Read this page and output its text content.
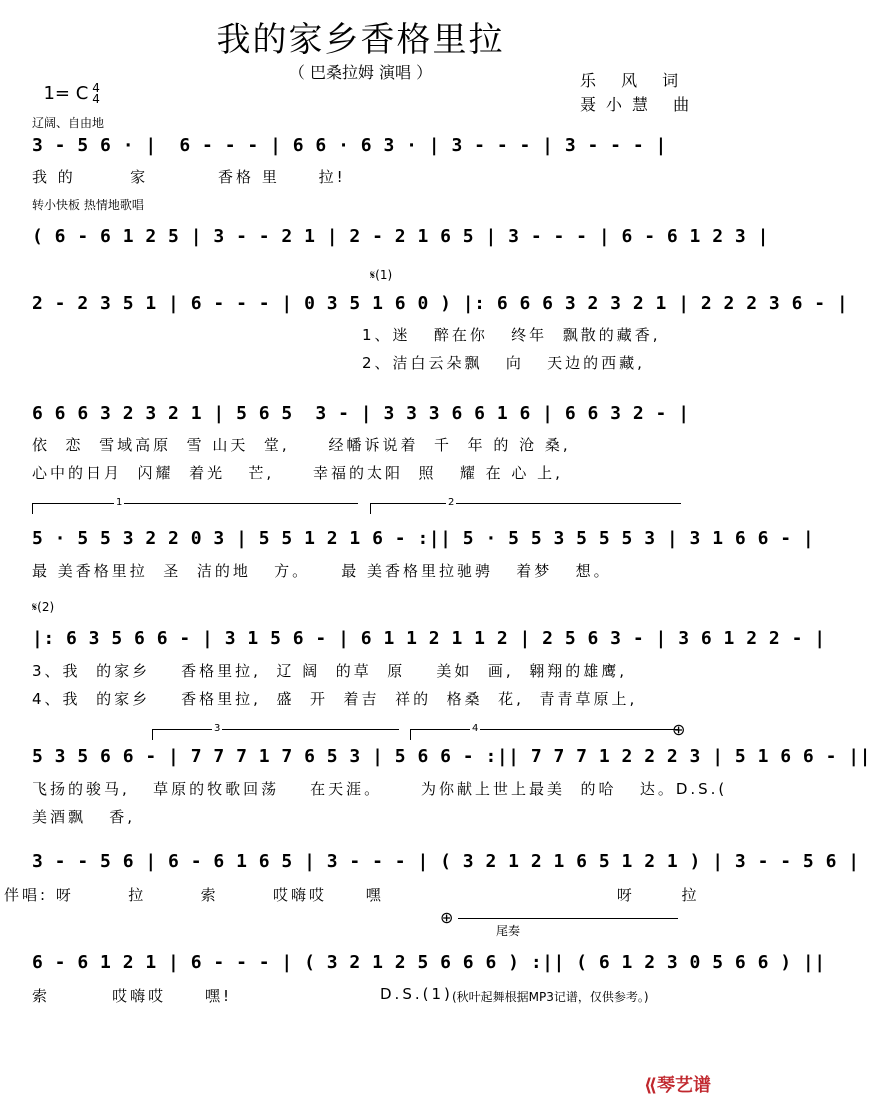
我的家乡香格里拉
（ 巴桑拉姆 演唱 ）

1= C 4
4

乐 风 词
聂小慧 曲
辽阔、自由地
3 - 5 6 · |  6 - - - | 6 6 · 6 3 · | 3 - - - | 3 - - - |
我 的       家         香格 里     拉!
转小快板 热情地歌唱
( 6 - 6 1 2 5 | 3 - - 2 1 | 2 - 2 1 6 5 | 3 - - - | 6 - 6 1 2 3 |
𝄋(1)
2 - 2 3 5 1 | 6 - - - | 0 3 5 1 6 0 ) |: 6 6 6 3 2 3 2 1 | 2 2 2 3 6 - |
1、迷   醉在你   终年  飘散的藏香,
2、洁白云朵飘   向   天边的西藏,
6 6 6 3 2 3 2 1 | 5 6 5  3 - | 3 3 3 6 6 1 6 | 6 6 3 2 - |
依  恋  雪域高原  雪 山天  堂,     经幡诉说着  千  年 的 沧 桑,
心中的日月  闪耀  着光   芒,     幸福的太阳  照   耀 在 心 上,
1	2
5 · 5 5 3 2 2 0 3 | 5 5 1 2 1 6 - :|| 5 · 5 5 3 5 5 5 3 | 3 1 6 6 - |
最 美香格里拉  圣  洁的地   方。    最 美香格里拉驰骋   着梦   想。
𝄋(2)
|: 6 3 5 6 6 - | 3 1 5 6 - | 6 1 1 2 1 1 2 | 2 5 6 3 - | 3 6 1 2 2 - |
3、我  的家乡    香格里拉,  辽 阔  的草  原    美如  画,  翱翔的雄鹰,
4、我  的家乡    香格里拉,  盛  开  着吉  祥的  格桑  花,  青青草原上,
3	4	⊕
5 3 5 6 6 - | 7 7 7 1 7 6 5 3 | 5 6 6 - :|| 7 7 7 1 2 2 2 3 | 5 1 6 6 - ||
飞扬的骏马,   草原的牧歌回荡    在天涯。     为你献上世上最美  的哈   达。D.S.(
美酒飘   香,
3 - - 5 6 | 6 - 6 1 6 5 | 3 - - - | ( 3 2 1 2 1 6 5 1 2 1 ) | 3 - - 5 6 |
伴唱: 呀       拉       索       哎嗨哎     嘿                              呀      拉
⊕
尾奏
6 - 6 1 2 1 | 6 - - - | ( 3 2 1 2 5 6 6 6 ) :|| ( 6 1 2 3 0 5 6 6 ) ||
索        哎嗨哎     嘿!	D.S.(1) (秋叶起舞根据MP3记谱，仅供参考。)

⟪琴艺谱
